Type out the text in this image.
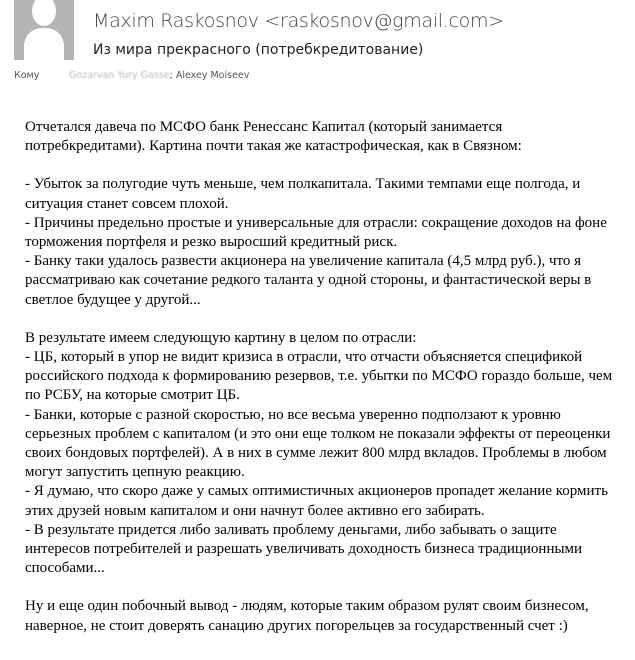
Maxim Raskosnov <raskosnov@gmail.com>
Из мира прекрасного (потребкредитование)
Кому	Gozarvan Yury Gasse; Alexey Moiseev

Отчетался давеча по МСФО банк Ренессанс Капитал (который занимается потребкредитами). Картина почти такая же катастрофическая, как в Связном:

- Убыток за полугодие чуть меньше, чем полкапитала. Такими темпами еще полгода, и ситуация станет совсем плохой.

- Причины предельно простые и универсальные для отрасли: сокращение доходов на фоне торможения портфеля и резко выросший кредитный риск.

- Банку таки удалось развести акционера на увеличение капитала (4,5 млрд руб.), что я рассматриваю как сочетание редкого таланта у одной стороны, и фантастической веры в светлое будущее у другой...

В результате имеем следующую картину в целом по отрасли:

- ЦБ, который в упор не видит кризиса в отрасли, что отчасти объясняется спецификой российского подхода к формированию резервов, т.е. убытки по МСФО гораздо больше, чем по РСБУ, на которые смотрит ЦБ.

- Банки, которые с разной скоростью, но все весьма уверенно подползают к уровню серьезных проблем с капиталом (и это они еще толком не показали эффекты от переоценки своих бондовых портфелей). А в них в сумме лежит 800 млрд вкладов. Проблемы в любом могут запустить цепную реакцию.

- Я думаю, что скоро даже у самых оптимистичных акционеров пропадет желание кормить этих друзей новым капиталом и они начнут более активно его забирать.

- В результате придется либо заливать проблему деньгами, либо забывать о защите интересов потребителей и разрешать увеличивать доходность бизнеса традиционными способами...

Ну и еще один побочный вывод - людям, которые таким образом рулят своим бизнесом, наверное, не стоит доверять санацию других погорельцев за государственный счет :)
